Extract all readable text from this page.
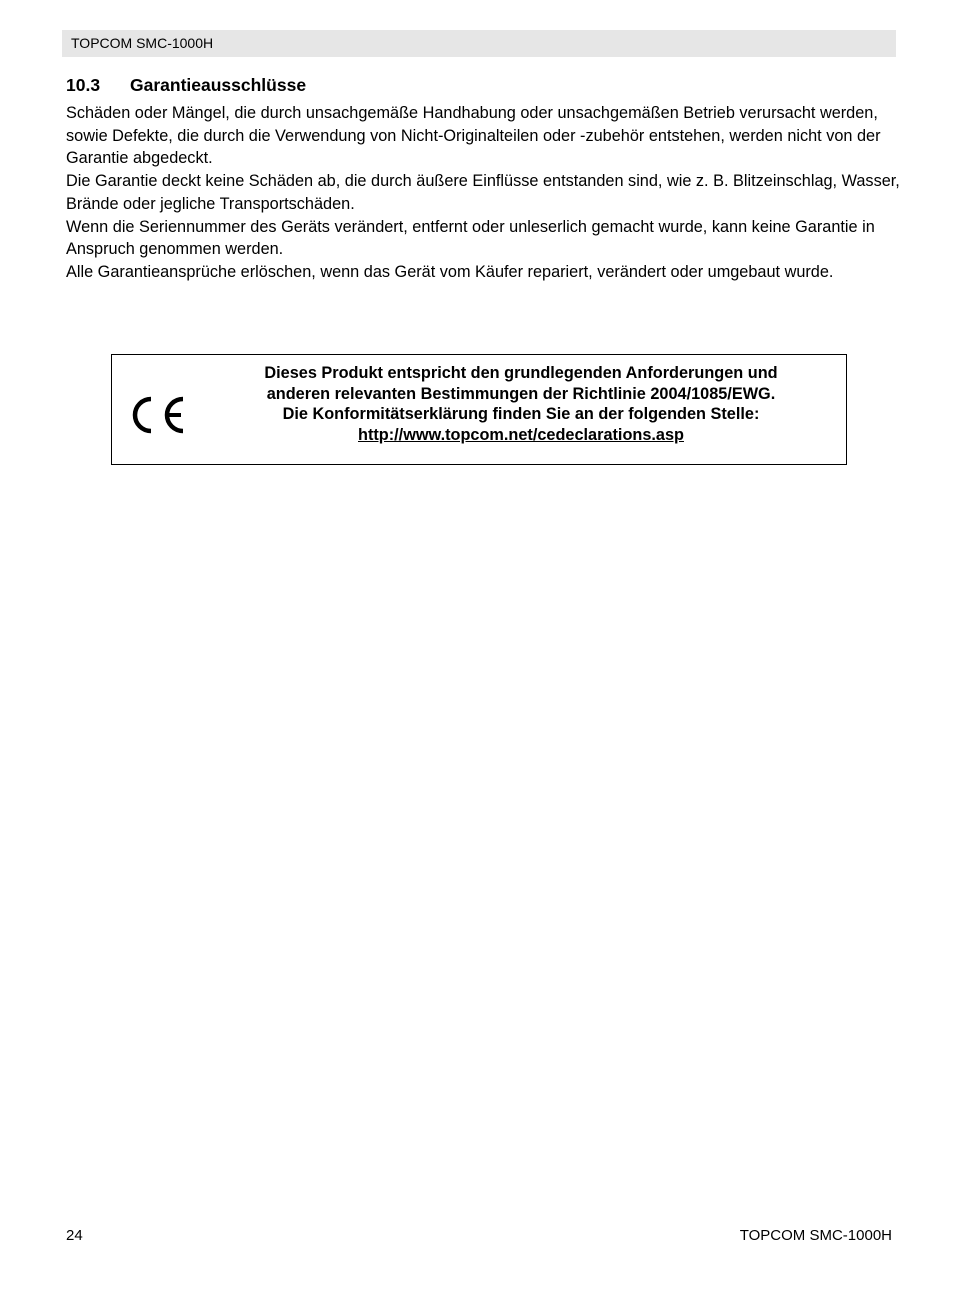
TOPCOM SMC-1000H
10.3 Garantieausschlüsse

Schäden oder Mängel, die durch unsachgemäße Handhabung oder unsachgemäßen Betrieb verursacht werden, sowie Defekte, die durch die Verwendung von Nicht-Originalteilen oder -zubehör entstehen, werden nicht von der Garantie abgedeckt.

Die Garantie deckt keine Schäden ab, die durch äußere Einflüsse entstanden sind, wie z. B. Blitzeinschlag, Wasser, Brände oder jegliche Transportschäden.

Wenn die Seriennummer des Geräts verändert, entfernt oder unleserlich gemacht wurde, kann keine Garantie in Anspruch genommen werden.

Alle Garantieansprüche erlöschen, wenn das Gerät vom Käufer repariert, verändert oder umgebaut wurde.

Dieses Produkt entspricht den grundlegenden Anforderungen und
anderen relevanten Bestimmungen der Richtlinie 2004/1085/EWG.
Die Konformitätserklärung finden Sie an der folgenden Stelle:
http://www.topcom.net/cedeclarations.asp
24	TOPCOM SMC-1000H
